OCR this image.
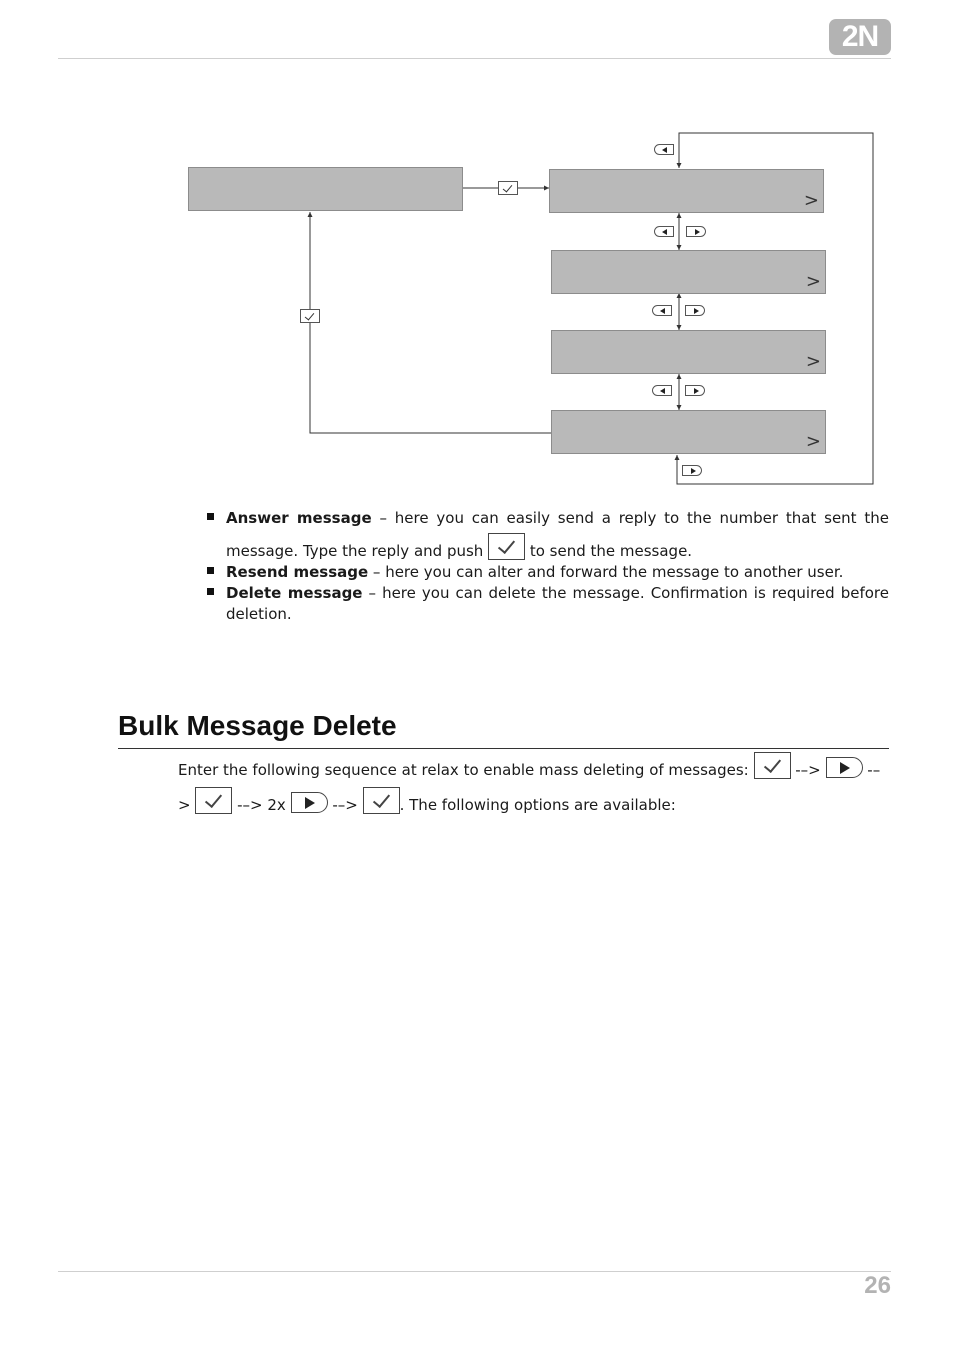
2N

>

>

>

>

Answer message – here you can easily send a reply to the number that sent the message. Type the reply and push  to send the message.

Resend message – here you can alter and forward the message to another user.

Delete message – here you can delete the message. Confirmation is required before deletion.

Bulk Message Delete
Enter the following sequence at relax to enable mass deleting of messages:  -–>  -–>  -–> 2x  -–> . The following options are available:
26
